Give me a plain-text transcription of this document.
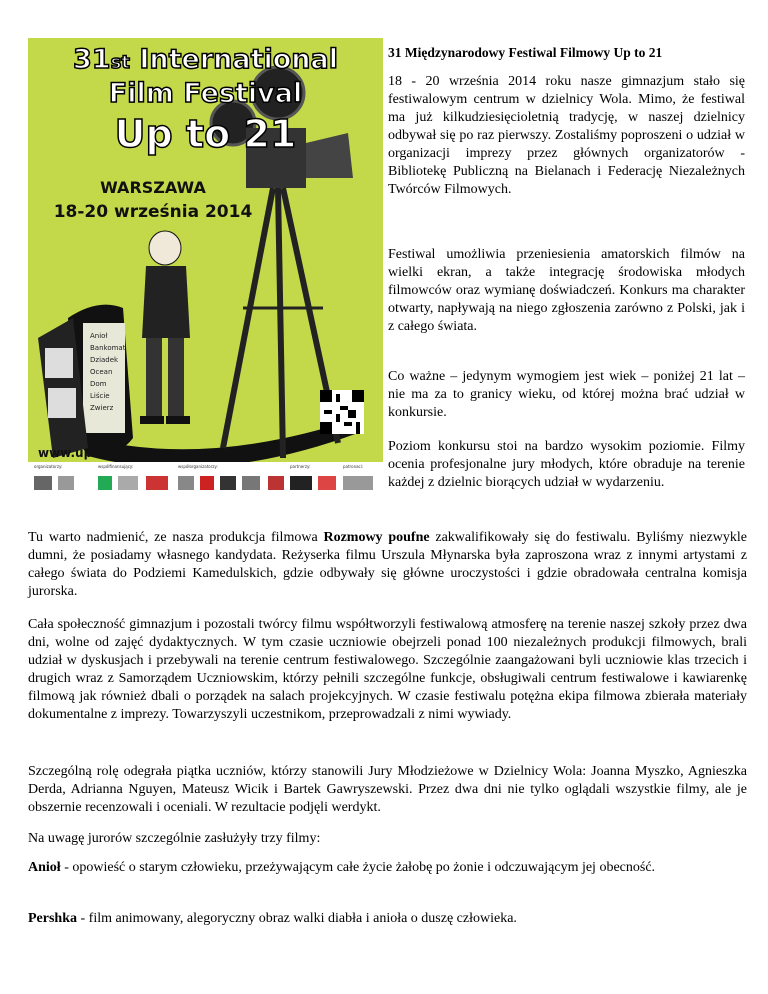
Anioł
Bankomat
Dziadek
Ocean
Dom
Liście
Zwierz
31st International
Film Festival
Up to 21
WARSZAWA
18-20 września 2014
www.upto21.pl
organizatorzy:	współfinansujący:	współorganizatorzy:	partnerzy:	patronaci:
31 Międzynarodowy Festiwal Filmowy Up to 21

18 - 20 września 2014 roku nasze gimnazjum stało się festiwalowym centrum w dzielnicy Wola. Mimo, że festiwal ma już kilkudziesięcioletnią tradycję, w naszej dzielnicy odbywał się po raz pierwszy. Zostaliśmy poproszeni o udział w organizacji imprezy przez głównych organizatorów - Bibliotekę Publiczną na Bielanach i Federację Niezależnych Twórców Filmowych.

Festiwal umożliwia przeniesienia amatorskich filmów na wielki ekran, a także integrację środowiska młodych filmowców oraz wymianę doświadczeń. Konkurs ma charakter otwarty, napływają na niego zgłoszenia zarówno z Polski, jak i z całego świata.

Co ważne – jedynym wymogiem jest wiek – poniżej 21 lat – nie ma za to granicy wieku, od której można brać udział w konkursie.

Poziom konkursu stoi na bardzo wysokim poziomie. Filmy ocenia profesjonalne jury młodych, które obraduje na terenie każdej z dzielnic biorących udział w wydarzeniu.

Tu warto nadmienić, ze nasza produkcja filmowa Rozmowy poufne zakwalifikowały się do festiwalu. Byliśmy niezwykle dumni, że posiadamy własnego kandydata. Reżyserka filmu Urszula Młynarska była zaproszona wraz z innymi artystami z całego świata do Podziemi Kamedulskich, gdzie odbywały się główne uroczystości i gdzie obradowała centralna komisja jurorska.

Cała społeczność gimnazjum i pozostali twórcy filmu współtworzyli festiwalową atmosferę na terenie naszej szkoły przez dwa dni, wolne od zajęć dydaktycznych. W tym czasie uczniowie obejrzeli ponad 100 niezależnych produkcji filmowych, brali udział w dyskusjach i przebywali na terenie centrum festiwalowego. Szczególnie zaangażowani byli uczniowie klas trzecich i drugich wraz z Samorządem Uczniowskim, którzy pełnili szczególne funkcje, obsługiwali centrum festiwalowe i kawiarenkę filmową jak również dbali o porządek na salach projekcyjnych. W czasie festiwalu potężna ekipa filmowa zbierała materiały dokumentalne z imprezy. Towarzyszyli uczestnikom, przeprowadzali z nimi wywiady.

Szczególną rolę odegrała piątka uczniów, którzy stanowili Jury Młodzieżowe w Dzielnicy Wola: Joanna Myszko, Agnieszka Derda, Adrianna Nguyen, Mateusz Wicik i Bartek Gawryszewski. Przez dwa dni nie tylko oglądali wszystkie filmy, ale je obszernie recenzowali i oceniali. W rezultacie podjęli werdykt.

Na uwagę jurorów szczególnie zasłużyły trzy filmy:

Anioł - opowieść o starym człowieku, przeżywającym całe życie żałobę po żonie i odczuwającym jej obecność.

Pershka - film animowany, alegoryczny obraz walki diabła i anioła o duszę człowieka.
